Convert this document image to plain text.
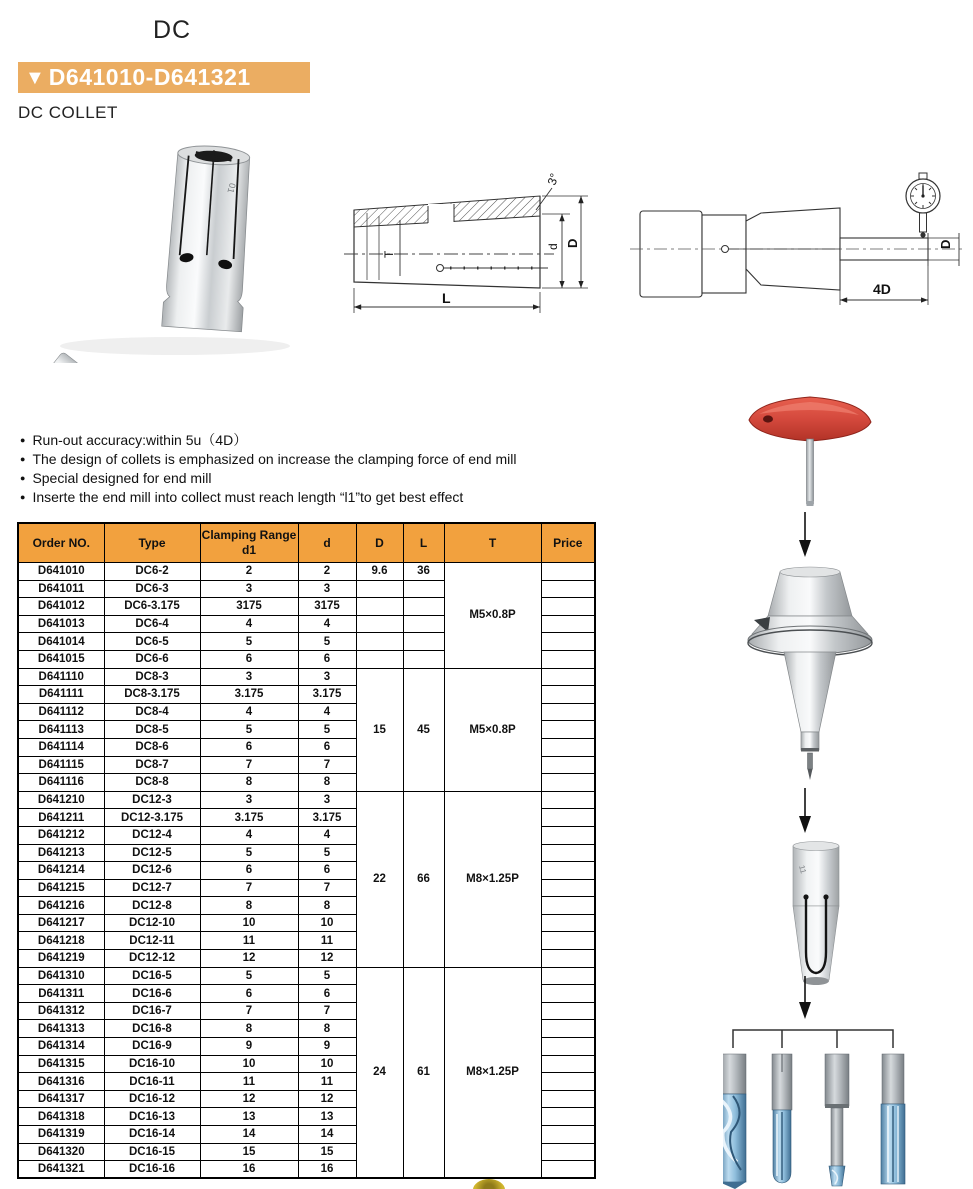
DC
▼ D641010-D641321
DC COLLET
01
T
3°
d D
L
D
4D
● Run-out accuracy:within 5u（4D）
● The design of collets is emphasized on increase the clamping force of end mill
● Special designed for end mill
● Inserte the end mill into collect must reach length “l1”to get best effect
Order NO.	Type	Clamping Range d1	d	D	L	T	Price
D641010	DC6-2	2	2	9.6	36	M5×0.8P	
D641011	DC6-3	3	3				
D641012	DC6-3.175	3175	3175				
D641013	DC6-4	4	4				
D641014	DC6-5	5	5				
D641015	DC6-6	6	6				
D641110	DC8-3	3	3	15	45	M5×0.8P	
D641111	DC8-3.175	3.175	3.175				
D641112	DC8-4	4	4				
D641113	DC8-5	5	5				
D641114	DC8-6	6	6				
D641115	DC8-7	7	7				
D641116	DC8-8	8	8				
D641210	DC12-3	3	3	22	66	M8×1.25P	
D641211	DC12-3.175	3.175	3.175				
D641212	DC12-4	4	4				
D641213	DC12-5	5	5				
D641214	DC12-6	6	6				
D641215	DC12-7	7	7				
D641216	DC12-8	8	8				
D641217	DC12-10	10	10				
D641218	DC12-11	11	11				
D641219	DC12-12	12	12				
D641310	DC16-5	5	5	24	61	M8×1.25P	
D641311	DC16-6	6	6				
D641312	DC16-7	7	7				
D641313	DC16-8	8	8				
D641314	DC16-9	9	9				
D641315	DC16-10	10	10				
D641316	DC16-11	11	11				
D641317	DC16-12	12	12				
D641318	DC16-13	13	13				
D641319	DC16-14	14	14				
D641320	DC16-15	15	15				
D641321	DC16-16	16	16				
11
